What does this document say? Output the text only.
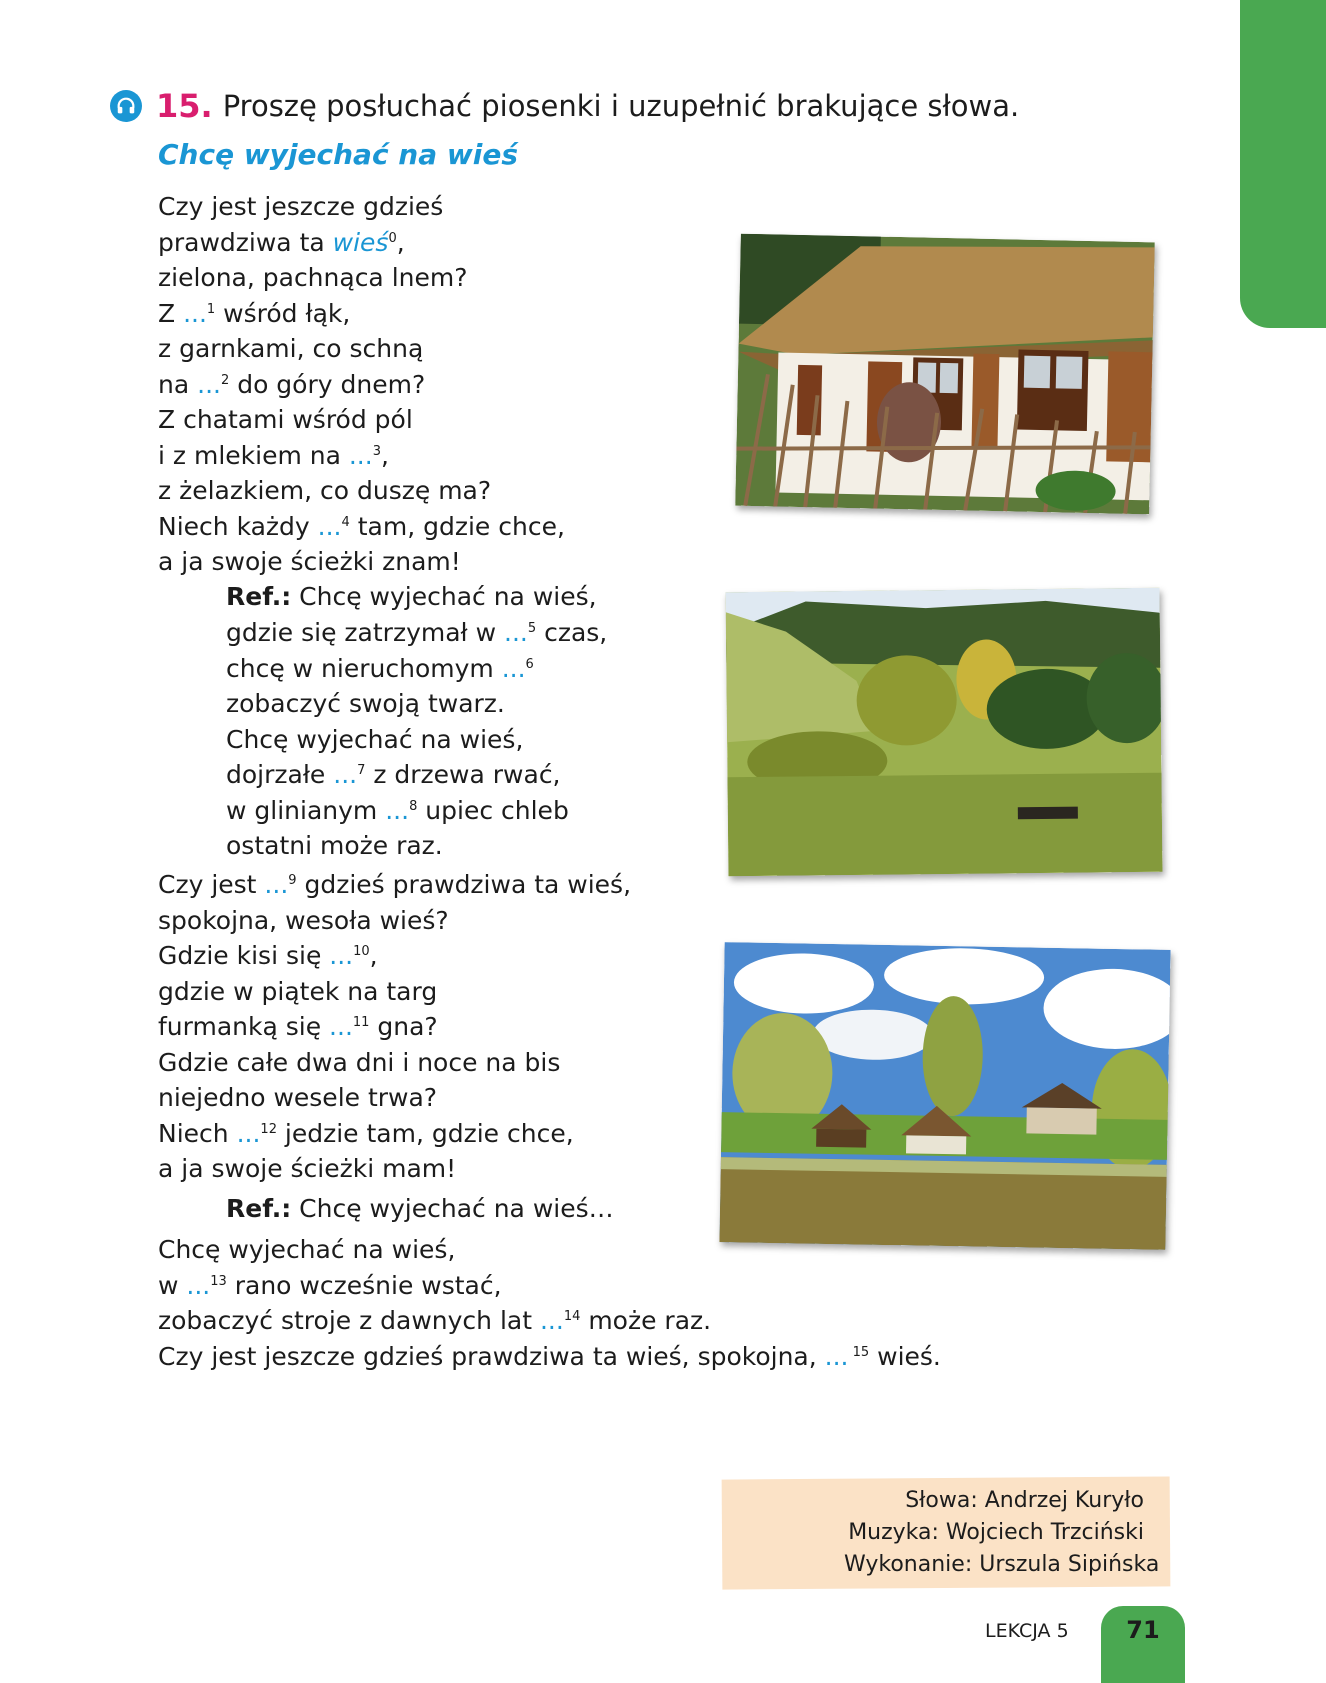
15. Proszę posłuchać piosenki i uzupełnić brakujące słowa.
Chcę wyjechać na wieś
Czy jest jeszcze gdzieś
prawdziwa ta wieś$^0$,
zielona, pachnąca lnem?
Z ...$^1$ wśród łąk,
z garnkami, co schną
na ...$^2$ do góry dnem?
Z chatami wśród pól
i z mlekiem na ...$^3$,
z żelazkiem, co duszę ma?
Niech każdy ...$^4$ tam, gdzie chce,
a ja swoje ścieżki znam!
Ref.: Chcę wyjechać na wieś,
gdzie się zatrzymał w ...$^5$ czas,
chcę w nieruchomym ...$^6$
zobaczyć swoją twarz.
Chcę wyjechać na wieś,
dojrzałe ...$^7$ z drzewa rwać,
w glinianym ...$^8$ upiec chleb
ostatni może raz.
Czy jest ...$^9$ gdzieś prawdziwa ta wieś,
spokojna, wesoła wieś?
Gdzie kisi się ...$^{10}$,
gdzie w piątek na targ
furmanką się ...$^{11}$ gna?
Gdzie całe dwa dni i noce na bis
niejedno wesele trwa?
Niech ...$^{12}$ jedzie tam, gdzie chce,
a ja swoje ścieżki mam!
Ref.: Chcę wyjechać na wieś…
Chcę wyjechać na wieś,
w ...$^{13}$ rano wcześnie wstać,
zobaczyć stroje z dawnych lat ...$^{14}$ może raz.
Czy jest jeszcze gdzieś prawdziwa ta wieś, spokojna, ... $^{15}$ wieś.
Słowa: Andrzej Kuryło
Muzyka: Wojciech Trzciński
Wykonanie: Urszula Sipińska
LEKCJA 5	71
